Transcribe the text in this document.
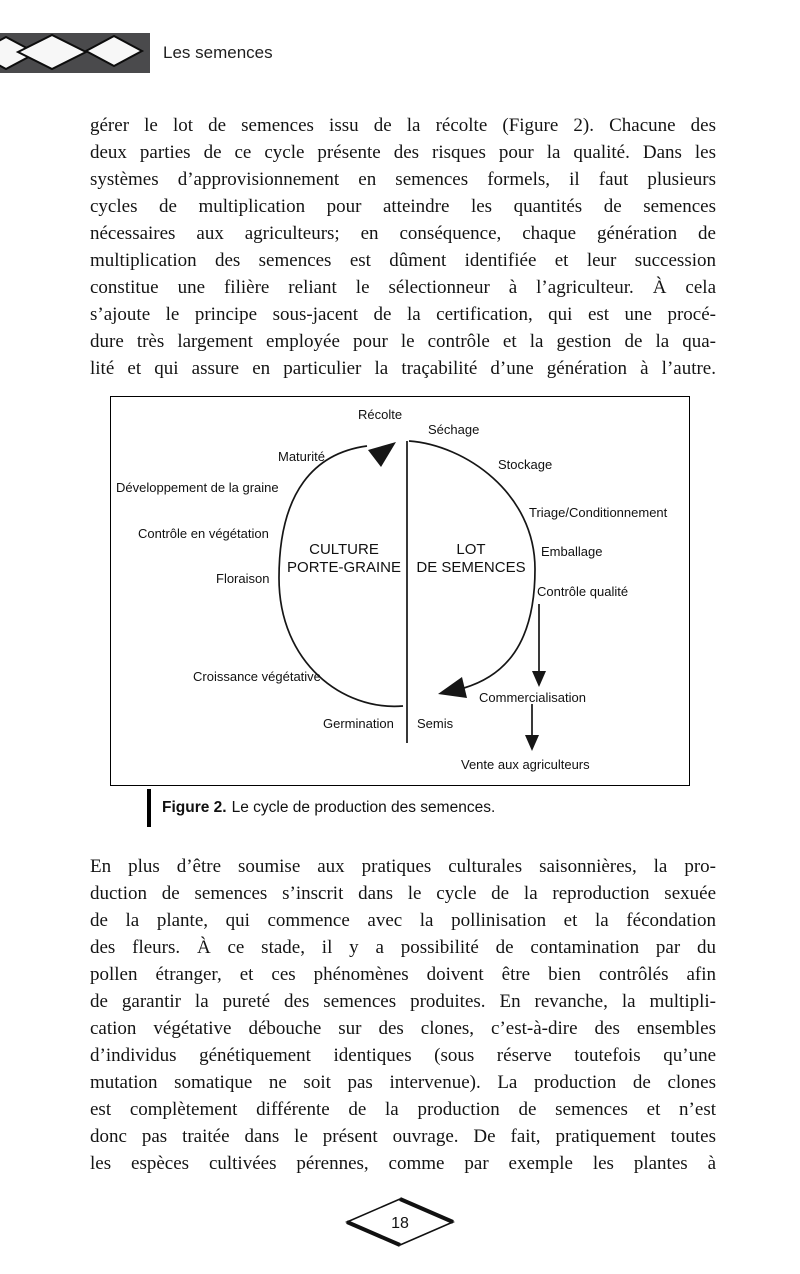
Les semences
gérer le lot de semences issu de la récolte (Figure 2). Chacune des
deux parties de ce cycle présente des risques pour la qualité. Dans les
systèmes d’approvisionnement en semences formels, il faut plusieurs
cycles de multiplication pour atteindre les quantités de semences
nécessaires aux agriculteurs; en conséquence, chaque génération de
multiplication des semences est dûment identifiée et leur succession
constitue une filière reliant le sélectionneur à l’agriculteur. À cela
s’ajoute le principe sous-jacent de la certification, qui est une procé-
dure très largement employée pour le contrôle et la gestion de la qua-
lité et qui assure en particulier la traçabilité d’une génération à l’autre.
Récolte
Séchage
Maturité
Stockage
Développement de la graine
Triage/Conditionnement
Contrôle en végétation
Emballage
Floraison
Contrôle qualité
Croissance végétative
Commercialisation
Germination Semis
Vente aux agriculteurs
CULTURE
PORTE-GRAINE
LOT
DE SEMENCES
Figure 2. Le cycle de production des semences.
En plus d’être soumise aux pratiques culturales saisonnières, la pro-
duction de semences s’inscrit dans le cycle de la reproduction sexuée
de la plante, qui commence avec la pollinisation et la fécondation
des fleurs. À ce stade, il y a possibilité de contamination par du
pollen étranger, et ces phénomènes doivent être bien contrôlés afin
de garantir la pureté des semences produites. En revanche, la multipli-
cation végétative débouche sur des clones, c’est-à-dire des ensembles
d’individus génétiquement identiques (sous réserve toutefois qu’une
mutation somatique ne soit pas intervenue). La production de clones
est complètement différente de la production de semences et n’est
donc pas traitée dans le présent ouvrage. De fait, pratiquement toutes
les espèces cultivées pérennes, comme par exemple les plantes à
18
